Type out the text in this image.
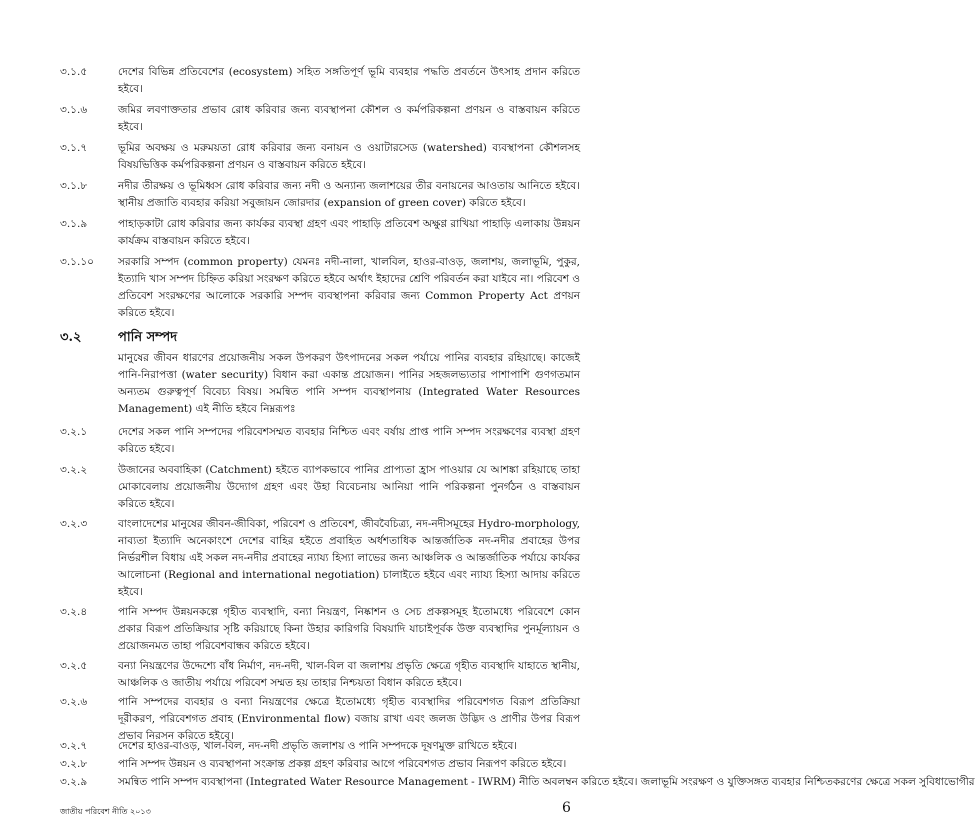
৩.১.৫	দেশের বিভিন্ন প্রতিবেশের (ecosystem) সহিত সঙ্গতিপূর্ণ ভূমি ব্যবহার পদ্ধতি প্রবর্তনে উৎসাহ প্রদান করিতে হইবে।
৩.১.৬	জমির লবণাক্ততার প্রভাব রোধ করিবার জন্য ব্যবস্থাপনা কৌশল ও কর্মপরিকল্পনা প্রণয়ন ও বাস্তবায়ন করিতে হইবে।
৩.১.৭	ভূমির অবক্ষয় ও মরুময়তা রোধ করিবার জন্য বনায়ন ও ওয়াটারসেড (watershed) ব্যবস্থাপনা কৌশলসহ বিষয়ভিত্তিক কর্মপরিকল্পনা প্রণয়ন ও বাস্তবায়ন করিতে হইবে।
৩.১.৮	নদীর তীরক্ষয় ও ভূমিধ্বস রোধ করিবার জন্য নদী ও অন্যান্য জলাশয়ের তীর বনায়নের আওতায় আনিতে হইবে। স্থানীয় প্রজাতি ব্যবহার করিয়া সবুজায়ন জোরদার (expansion of green cover) করিতে হইবে।
৩.১.৯	পাহাড়কাটা রোধ করিবার জন্য কার্যকর ব্যবস্থা গ্রহণ এবং পাহাড়ি প্রতিবেশ অক্ষুণ্ণ রাখিয়া পাহাড়ি এলাকায় উন্নয়ন কার্যক্রম বাস্তবায়ন করিতে হইবে।
৩.১.১০	সরকারি সম্পদ (common property) যেমনঃ নদী-নালা, খালবিল, হাওর-বাওড়, জলাশয়, জলাভূমি, পুকুর, ইত্যাদি খাস সম্পদ চিহ্নিত করিয়া সংরক্ষণ করিতে হইবে অর্থাৎ ইহাদের শ্রেণি পরিবর্তন করা যাইবে না। পরিবেশ ও প্রতিবেশ সংরক্ষণের আলোকে সরকারি সম্পদ ব্যবস্থাপনা করিবার জন্য Common Property Act প্রণয়ন করিতে হইবে।
৩.২	পানি সম্পদ
মানুষের জীবন ধারণের প্রয়োজনীয় সকল উপকরণ উৎপাদনের সকল পর্যায়ে পানির ব্যবহার রহিয়াছে। কাজেই পানি-নিরাপত্তা (water security) বিধান করা একান্ত প্রয়োজন। পানির সহজলভ্যতার পাশাপাশি গুণগতমান অন্যতম গুরুত্বপূর্ণ বিবেচ্য বিষয়। সমন্বিত পানি সম্পদ ব্যবস্থাপনায় (Integrated Water Resources Management) এই নীতি হইবে নিম্নরূপঃ
৩.২.১	দেশের সকল পানি সম্পদের পরিবেশসম্মত ব্যবহার নিশ্চিত এবং বর্ষায় প্রাপ্ত পানি সম্পদ সংরক্ষণের ব্যবস্থা গ্রহণ করিতে হইবে।
৩.২.২	উজানের অববাহিকা (Catchment) হইতে ব্যাপকভাবে পানির প্রাপ্যতা হ্রাস পাওয়ার যে আশঙ্কা রহিয়াছে তাহা মোকাবেলায় প্রয়োজনীয় উদ্যোগ গ্রহণ এবং উহা বিবেচনায় আনিয়া পানি পরিকল্পনা পুনর্গঠন ও বাস্তবায়ন করিতে হইবে।
৩.২.৩	বাংলাদেশের মানুষের জীবন-জীবিকা, পরিবেশ ও প্রতিবেশ, জীববৈচিত্র্য, নদ-নদীসমূহের Hydro-morphology, নাব্যতা ইত্যাদি অনেকাংশে দেশের বাহির হইতে প্রবাহিত অর্ধশতাধিক আন্তর্জাতিক নদ-নদীর প্রবাহের উপর নির্ভরশীল বিধায় এই সকল নদ-নদীর প্রবাহের ন্যায্য হিস্যা লাভের জন্য আঞ্চলিক ও আন্তর্জাতিক পর্যায়ে কার্যকর আলোচনা (Regional and international negotiation) চালাইতে হইবে এবং ন্যায্য হিস্যা আদায় করিতে হইবে।
৩.২.৪	পানি সম্পদ উন্নয়নকল্পে গৃহীত ব্যবস্থাদি, বন্যা নিয়ন্ত্রণ, নিষ্কাশন ও সেচ প্রকল্পসমূহ ইতোমধ্যে পরিবেশে কোন প্রকার বিরূপ প্রতিক্রিয়ার সৃষ্টি করিয়াছে কিনা উহার কারিগরি বিষয়াদি যাচাইপূর্বক উক্ত ব্যবস্থাদির পুনর্মূল্যায়ন ও প্রয়োজনমত তাহা পরিবেশবান্ধব করিতে হইবে।
৩.২.৫	বন্যা নিয়ন্ত্রণের উদ্দেশ্যে বাঁধ নির্মাণ, নদ-নদী, খাল-বিল বা জলাশয় প্রভৃতি ক্ষেত্রে গৃহীত ব্যবস্থাদি যাহাতে স্থানীয়, আঞ্চলিক ও জাতীয় পর্যায়ে পরিবেশ সম্মত হয় তাহার নিশ্চয়তা বিধান করিতে হইবে।
৩.২.৬	পানি সম্পদের ব্যবহার ও বন্যা নিয়ন্ত্রণের ক্ষেত্রে ইতোমধ্যে গৃহীত ব্যবস্থাদির পরিবেশগত বিরূপ প্রতিক্রিয়া দূরীকরণ, পরিবেশগত প্রবাহ (Environmental flow) বজায় রাখা এবং জলজ উদ্ভিদ ও প্রাণীর উপর বিরূপ প্রভাব নিরসন করিতে হইবে।
৩.২.৭	দেশের হাওর-বাওড়, খাল-বিল, নদ-নদী প্রভৃতি জলাশয় ও পানি সম্পদকে দূষণমুক্ত রাখিতে হইবে।
৩.২.৮	পানি সম্পদ উন্নয়ন ও ব্যবস্থাপনা সংক্রান্ত প্রকল্প গ্রহণ করিবার আগে পরিবেশগত প্রভাব নিরূপণ করিতে হইবে।
৩.২.৯	সমন্বিত পানি সম্পদ ব্যবস্থাপনা (Integrated Water Resource Management - IWRM) নীতি অবলম্বন করিতে হইবে। জলাভূমি সংরক্ষণ ও যুক্তিসঙ্গত ব্যবহার নিশ্চিতকরণের ক্ষেত্রে সকল সুবিধাভোগীর
জাতীয় পরিবেশ নীতি ২০১৩	6
